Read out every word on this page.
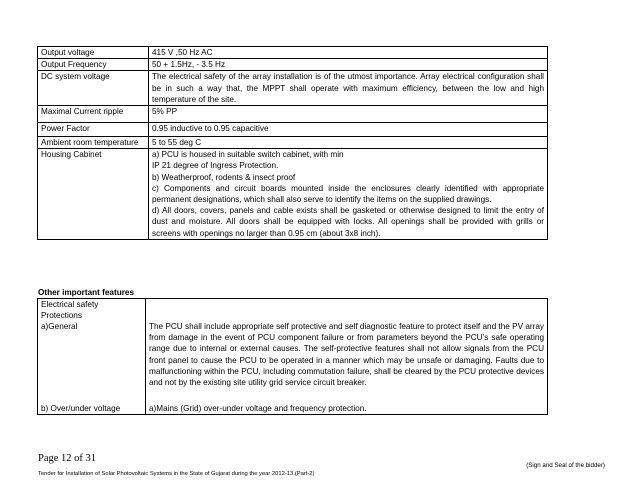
Output voltage	415 V ,50 Hz AC

Output Frequency	50 + 1.5Hz, - 3.5 Hz

DC system voltage	The electrical safety of the array installation is of the utmost importance. Array electrical configuration shall be in such a way that, the MPPT shall operate with maximum efficiency, between the low and high temperature of the site.

Maximal Current ripple	5% PP

Power Factor	0.95 inductive to 0.95 capacitive

Ambient room temperature	5 to 55 deg C

Housing Cabinet	a) PCU is housed in suitable switch cabinet, with min
IP 21 degree of Ingress Protection.
b) Weatherproof, rodents & insect proof
c) Components and circuit boards mounted inside the enclosures clearly identified with appropriate permanent designations, which shall also serve to identify the items on the supplied drawings.
d) All doors, covers, panels and cable exists shall be gasketed or otherwise designed to limit the entry of dust and moisture. All doors shall be equipped with locks. All openings shall be provided with grills or screens with openings no larger than 0.95 cm (about 3x8 inch).
Other important features
Electrical safety Protections
a)General	The PCU shall include appropriate self protective and self diagnostic feature to protect itself and the PV array from damage in the event of PCU component failure or from parameters beyond the PCU’s safe operating range due to internal or external causes. The self-protective features shall not allow signals from the PCU front panel to cause the PCU to be operated in a manner which may be unsafe or damaging. Faults due to malfunctioning within the PCU, including commutation failure, shall be cleared by the PCU protective devices and not by the existing site utility grid service circuit breaker.

b) Over/under voltage	a)Mains (Grid) over-under voltage and frequency protection.
Page 12 of 31
(Sign and Seal of the bidder)
Tender for Installation of Solar Photovoltaic Systems in the State of Gujarat during the year 2012-13.(Part-2)
